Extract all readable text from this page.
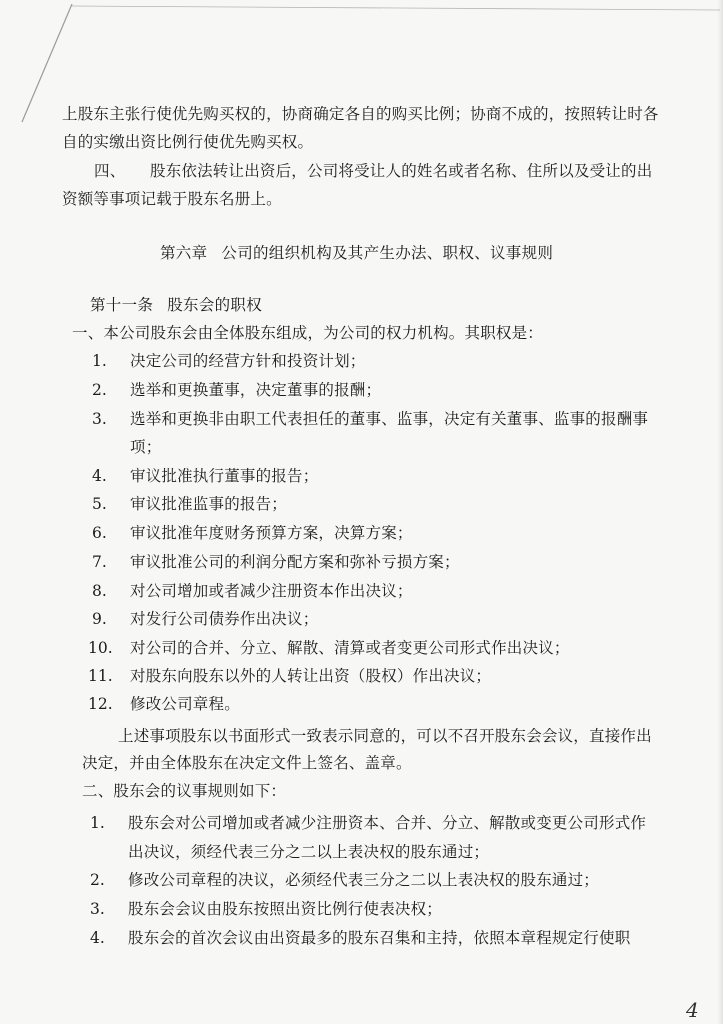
上股东主张行使优先购买权的，协商确定各自的购买比例；协商不成的，按照转让时各
自的实缴出资比例行使优先购买权。
四、 股东依法转让出资后，公司将受让人的姓名或者名称、住所以及受让的出
资额等事项记载于股东名册上。
第六章 公司的组织机构及其产生办法、职权、议事规则
第十一条 股东会的职权
一、本公司股东会由全体股东组成，为公司的权力机构。其职权是：
1. 决定公司的经营方针和投资计划；
2. 选举和更换董事，决定董事的报酬；
3. 选举和更换非由职工代表担任的董事、监事，决定有关董事、监事的报酬事
项；
4. 审议批准执行董事的报告；
5. 审议批准监事的报告；
6. 审议批准年度财务预算方案，决算方案；
7. 审议批准公司的利润分配方案和弥补亏损方案；
8. 对公司增加或者减少注册资本作出决议；
9. 对发行公司债券作出决议；
10. 对公司的合并、分立、解散、清算或者变更公司形式作出决议；
11. 对股东向股东以外的人转让出资（股权）作出决议；
12. 修改公司章程。
上述事项股东以书面形式一致表示同意的，可以不召开股东会会议，直接作出
决定，并由全体股东在决定文件上签名、盖章。
二、股东会的议事规则如下：
1. 股东会对公司增加或者减少注册资本、合并、分立、解散或变更公司形式作
出决议，须经代表三分之二以上表决权的股东通过；
2. 修改公司章程的决议，必须经代表三分之二以上表决权的股东通过；
3. 股东会会议由股东按照出资比例行使表决权；
4. 股东会的首次会议由出资最多的股东召集和主持，依照本章程规定行使职
4
